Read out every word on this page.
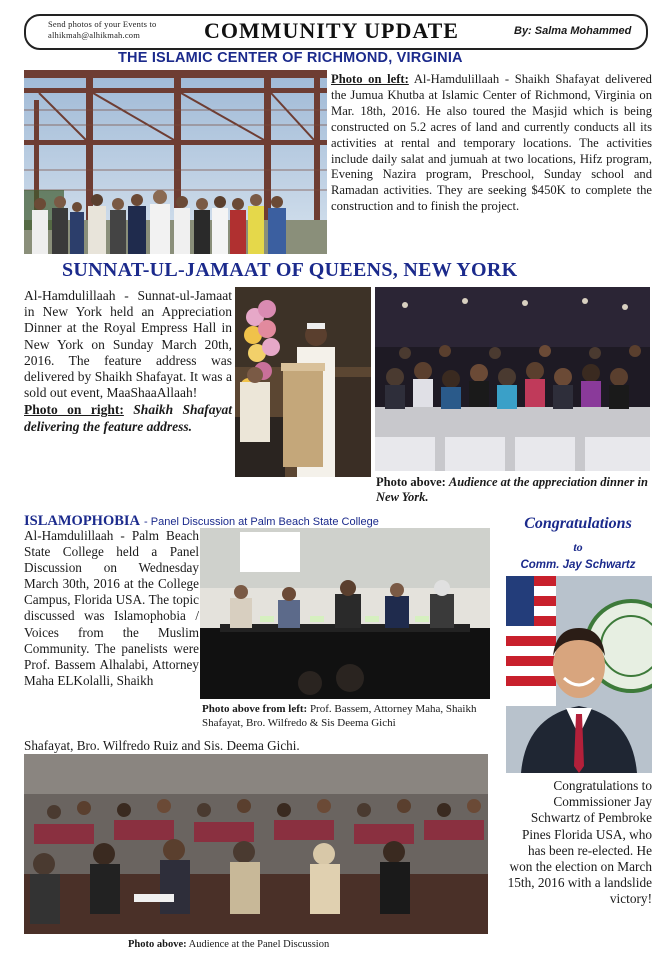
Send photos of your Events to
alhikmah@alhikmah.com	COMMUNITY UPDATE	By: Salma Mohammed
THE ISLAMIC CENTER OF RICHMOND, VIRGINIA
Photo on left: Al-Hamdulillaah - Shaikh Shafayat delivered the Jumua Khutba at Islamic Center of Richmond, Virginia on Mar. 18th, 2016. He also toured the Masjid which is being constructed on 5.2 acres of land and currently conducts all its activities at rental and temporary locations. The activities include daily salat and jumuah at two locations, Hifz program, Evening Nazira program, Preschool, Sunday school and Ramadan activities. They are seeking $450K to complete the construction and to finish the project.
SUNNAT-UL-JAMAAT OF QUEENS, NEW YORK
Al-Hamdulillaah - Sunnat-ul-Jamaat in New York held an Appreciation Dinner at the Royal Empress Hall in New York on Sunday March 20th, 2016. The feature address was delivered by Shaikh Shafayat. It was a sold out event, MaaShaaAllaah!
Photo on right: Shaikh Shafayat delivering the feature address.
Photo above: Audience at the appreciation dinner in New York.
ISLAMOPHOBIA - Panel Discussion at Palm Beach State College
Al-Hamdulillaah - Palm Beach State College held a Panel Discussion on Wednesday March 30th, 2016 at the College Campus, Florida USA. The topic discussed was Islamophobia / Voices from the Muslim Community. The panelists were Prof. Bassem Alhalabi, Attorney Maha ELKolalli, Shaikh
Shafayat, Bro. Wilfredo Ruiz and Sis. Deema Gichi.
Photo above from left: Prof. Bassem, Attorney Maha, Shaikh Shafayat, Bro. Wilfredo & Sis Deema Gichi
Photo above: Audience at the Panel Discussion
Congratulations
to
Comm. Jay Schwartz
Congratulations to Commissioner Jay Schwartz of Pembroke Pines Florida USA, who has been re-elected. He won the election on March 15th, 2016 with a landslide victory!
